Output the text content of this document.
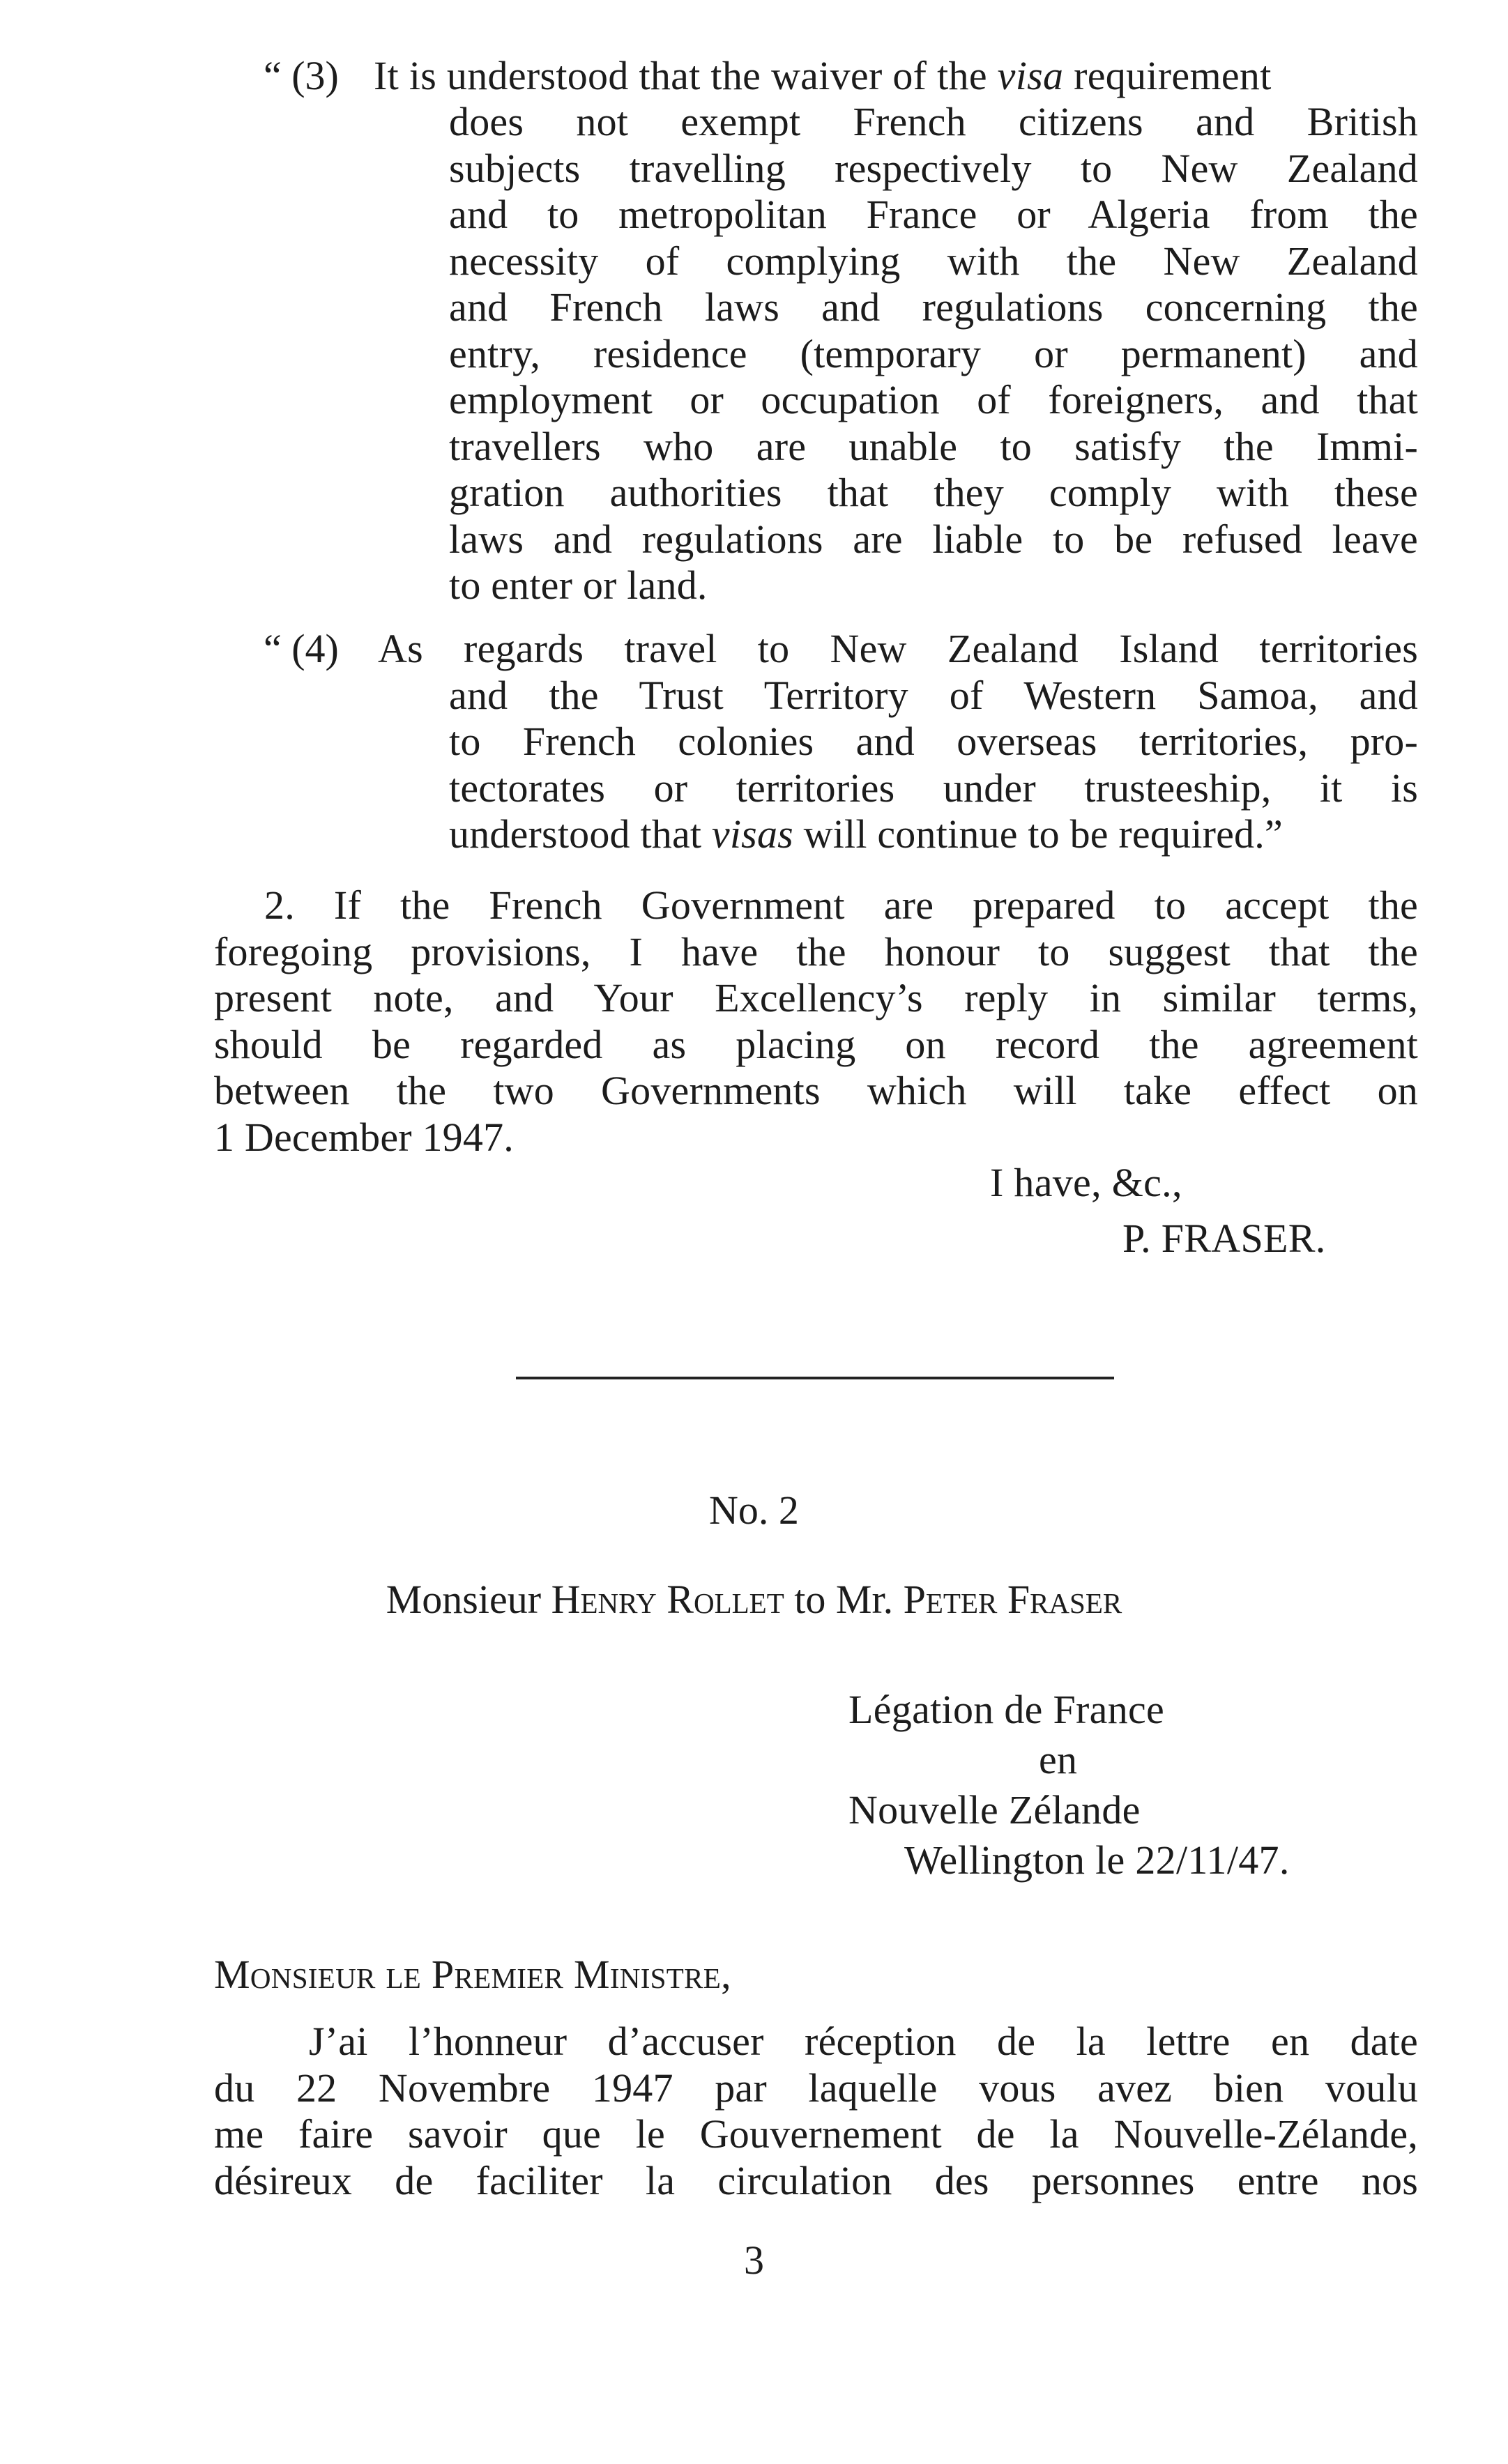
“ (3) It is understood that the waiver of the visa requirement
does not exempt French citizens and British
subjects travelling respectively to New Zealand
and to metropolitan France or Algeria from the
necessity of complying with the New Zealand
and French laws and regulations concerning the
entry, residence (temporary or permanent) and
employment or occupation of foreigners, and that
travellers who are unable to satisfy the Immi-
gration authorities that they comply with these
laws and regulations are liable to be refused leave
to enter or land.
“ (4) As regards travel to New Zealand Island territories
and the Trust Territory of Western Samoa, and
to French colonies and overseas territories, pro-
tectorates or territories under trusteeship, it is
understood that visas will continue to be required.”
2. If the French Government are prepared to accept the
foregoing provisions, I have the honour to suggest that the
present note, and Your Excellency’s reply in similar terms,
should be regarded as placing on record the agreement
between the two Governments which will take effect on
1 December 1947.
I have, &c.,
P. FRASER.
No. 2
Monsieur Henry Rollet to Mr. Peter Fraser
Légation de France
en
Nouvelle Zélande
Wellington le 22/11/47.
Monsieur le Premier Ministre,
J’ai l’honneur d’accuser réception de la lettre en date
du 22 Novembre 1947 par laquelle vous avez bien voulu
me faire savoir que le Gouvernement de la Nouvelle-Zélande,
désireux de faciliter la circulation des personnes entre nos
3
